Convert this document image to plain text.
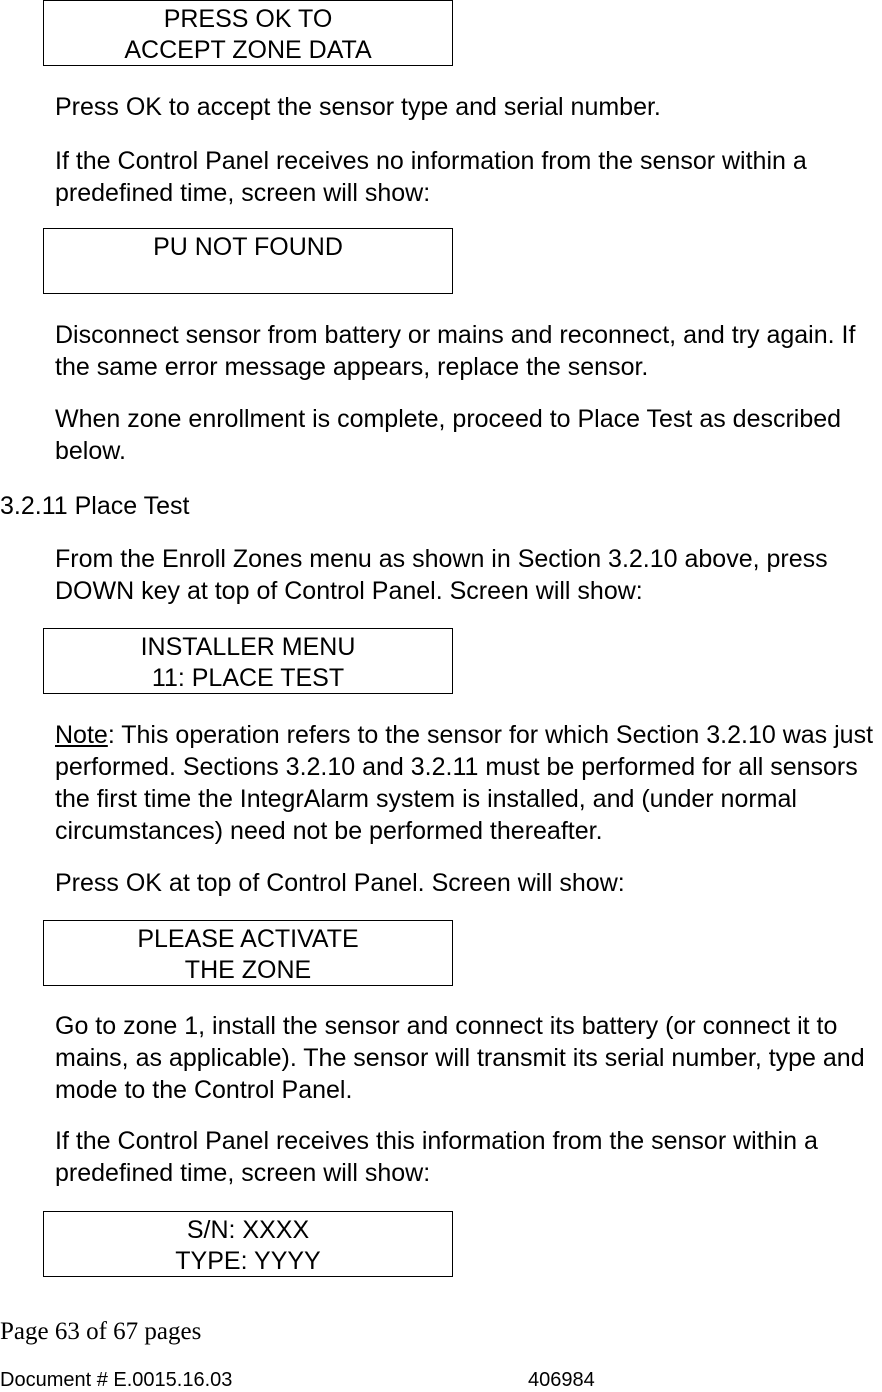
PRESS OK TO
ACCEPT ZONE DATA

Press OK to accept the sensor type and serial number.

If the Control Panel receives no information from the sensor within a predefined time, screen will show:

PU NOT FOUND

Disconnect sensor from battery or mains and reconnect, and try again. If the same error message appears, replace the sensor.

When zone enrollment is complete, proceed to Place Test as described below.

3.2.11 Place Test

From the Enroll Zones menu as shown in Section 3.2.10 above, press DOWN key at top of Control Panel. Screen will show:

INSTALLER MENU
11: PLACE TEST

Note: This operation refers to the sensor for which Section 3.2.10 was just performed. Sections 3.2.10 and 3.2.11 must be performed for all sensors the first time the IntegrAlarm system is installed, and (under normal circumstances) need not be performed thereafter.

Press OK at top of Control Panel. Screen will show:

PLEASE ACTIVATE
THE ZONE

Go to zone 1, install the sensor and connect its battery (or connect it to mains, as applicable). The sensor will transmit its serial number, type and mode to the Control Panel.

If the Control Panel receives this information from the sensor within a predefined time, screen will show:

S/N: XXXX
TYPE: YYYY
Page 63 of 67 pages
Document # E.0015.16.03	406984
